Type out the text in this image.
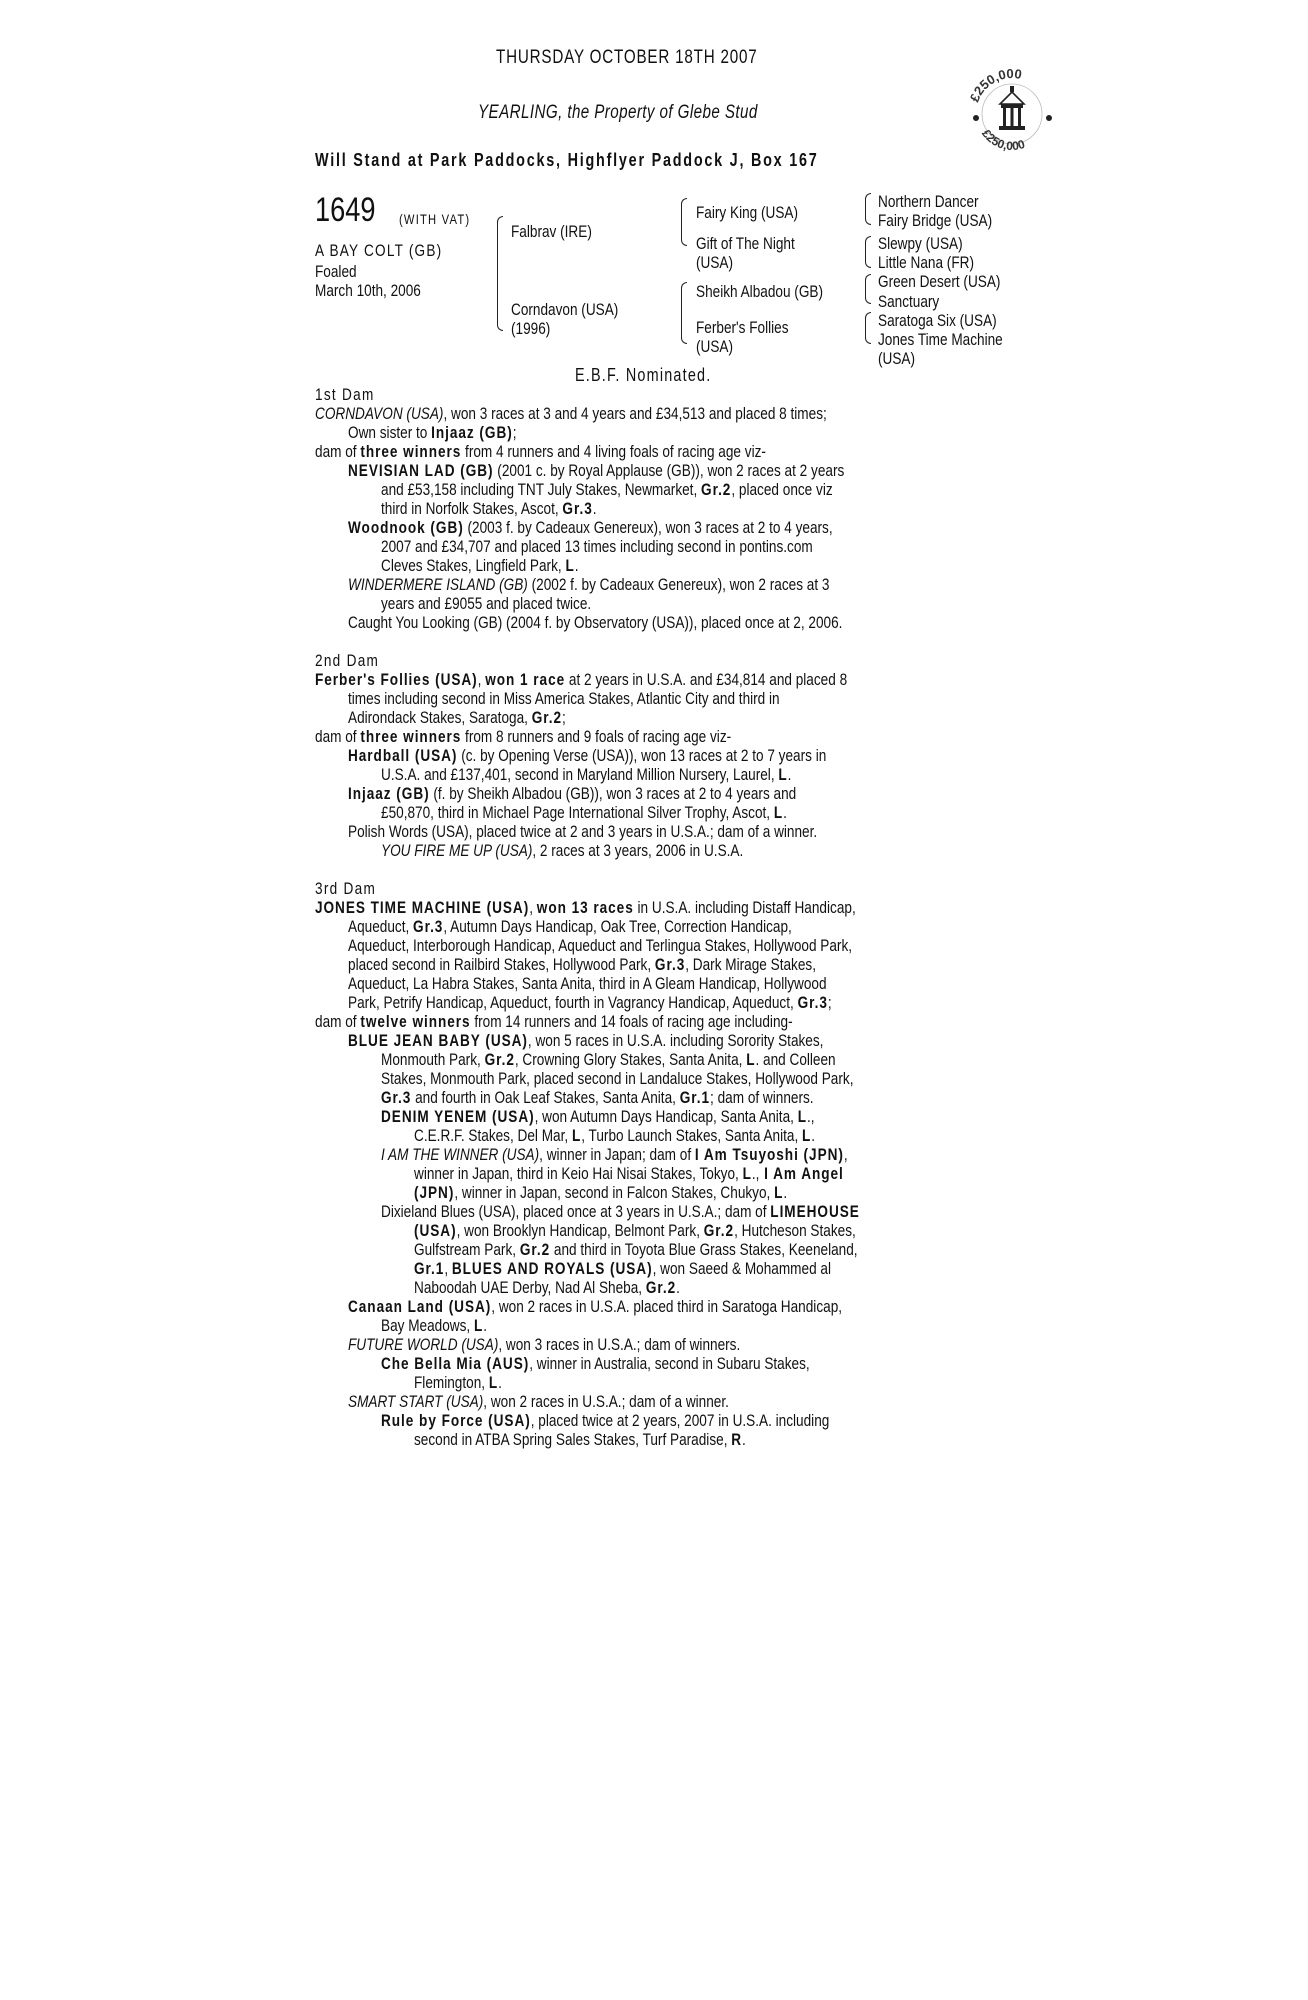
THURSDAY OCTOBER 18TH 2007
YEARLING, the Property of Glebe Stud
Will Stand at Park Paddocks, Highflyer Paddock J, Box 167
£250,000
£250,000
1649 (WITH VAT)
A BAY COLT (GB)
Foaled
March 10th, 2006
Falbrav (IRE)
Corndavon (USA)
(1996)
Fairy King (USA)
Gift of The Night
(USA)
Sheikh Albadou (GB)
Ferber's Follies
(USA)
Northern Dancer
Fairy Bridge (USA)
Slewpy (USA)
Little Nana (FR)
Green Desert (USA)
Sanctuary
Saratoga Six (USA)
Jones Time Machine
(USA)
E.B.F. Nominated.
1st Dam
CORNDAVON (USA), won 3 races at 3 and 4 years and £34,513 and placed 8 times;
Own sister to Injaaz (GB);
dam of three winners from 4 runners and 4 living foals of racing age viz-
NEVISIAN LAD (GB) (2001 c. by Royal Applause (GB)), won 2 races at 2 years
and £53,158 including TNT July Stakes, Newmarket, Gr.2, placed once viz
third in Norfolk Stakes, Ascot, Gr.3.
Woodnook (GB) (2003 f. by Cadeaux Genereux), won 3 races at 2 to 4 years,
2007 and £34,707 and placed 13 times including second in pontins.com
Cleves Stakes, Lingfield Park, L.
WINDERMERE ISLAND (GB) (2002 f. by Cadeaux Genereux), won 2 races at 3
years and £9055 and placed twice.
Caught You Looking (GB) (2004 f. by Observatory (USA)), placed once at 2, 2006.
2nd Dam
Ferber's Follies (USA), won 1 race at 2 years in U.S.A. and £34,814 and placed 8
times including second in Miss America Stakes, Atlantic City and third in
Adirondack Stakes, Saratoga, Gr.2;
dam of three winners from 8 runners and 9 foals of racing age viz-
Hardball (USA) (c. by Opening Verse (USA)), won 13 races at 2 to 7 years in
U.S.A. and £137,401, second in Maryland Million Nursery, Laurel, L.
Injaaz (GB) (f. by Sheikh Albadou (GB)), won 3 races at 2 to 4 years and
£50,870, third in Michael Page International Silver Trophy, Ascot, L.
Polish Words (USA), placed twice at 2 and 3 years in U.S.A.; dam of a winner.
YOU FIRE ME UP (USA), 2 races at 3 years, 2006 in U.S.A.
3rd Dam
JONES TIME MACHINE (USA), won 13 races in U.S.A. including Distaff Handicap,
Aqueduct, Gr.3, Autumn Days Handicap, Oak Tree, Correction Handicap,
Aqueduct, Interborough Handicap, Aqueduct and Terlingua Stakes, Hollywood Park,
placed second in Railbird Stakes, Hollywood Park, Gr.3, Dark Mirage Stakes,
Aqueduct, La Habra Stakes, Santa Anita, third in A Gleam Handicap, Hollywood
Park, Petrify Handicap, Aqueduct, fourth in Vagrancy Handicap, Aqueduct, Gr.3;
dam of twelve winners from 14 runners and 14 foals of racing age including-
BLUE JEAN BABY (USA), won 5 races in U.S.A. including Sorority Stakes,
Monmouth Park, Gr.2, Crowning Glory Stakes, Santa Anita, L. and Colleen
Stakes, Monmouth Park, placed second in Landaluce Stakes, Hollywood Park,
Gr.3 and fourth in Oak Leaf Stakes, Santa Anita, Gr.1; dam of winners.
DENIM YENEM (USA), won Autumn Days Handicap, Santa Anita, L.,
C.E.R.F. Stakes, Del Mar, L, Turbo Launch Stakes, Santa Anita, L.
I AM THE WINNER (USA), winner in Japan; dam of I Am Tsuyoshi (JPN),
winner in Japan, third in Keio Hai Nisai Stakes, Tokyo, L., I Am Angel
(JPN), winner in Japan, second in Falcon Stakes, Chukyo, L.
Dixieland Blues (USA), placed once at 3 years in U.S.A.; dam of LIMEHOUSE
(USA), won Brooklyn Handicap, Belmont Park, Gr.2, Hutcheson Stakes,
Gulfstream Park, Gr.2 and third in Toyota Blue Grass Stakes, Keeneland,
Gr.1, BLUES AND ROYALS (USA), won Saeed & Mohammed al
Naboodah UAE Derby, Nad Al Sheba, Gr.2.
Canaan Land (USA), won 2 races in U.S.A. placed third in Saratoga Handicap,
Bay Meadows, L.
FUTURE WORLD (USA), won 3 races in U.S.A.; dam of winners.
Che Bella Mia (AUS), winner in Australia, second in Subaru Stakes,
Flemington, L.
SMART START (USA), won 2 races in U.S.A.; dam of a winner.
Rule by Force (USA), placed twice at 2 years, 2007 in U.S.A. including
second in ATBA Spring Sales Stakes, Turf Paradise, R.
